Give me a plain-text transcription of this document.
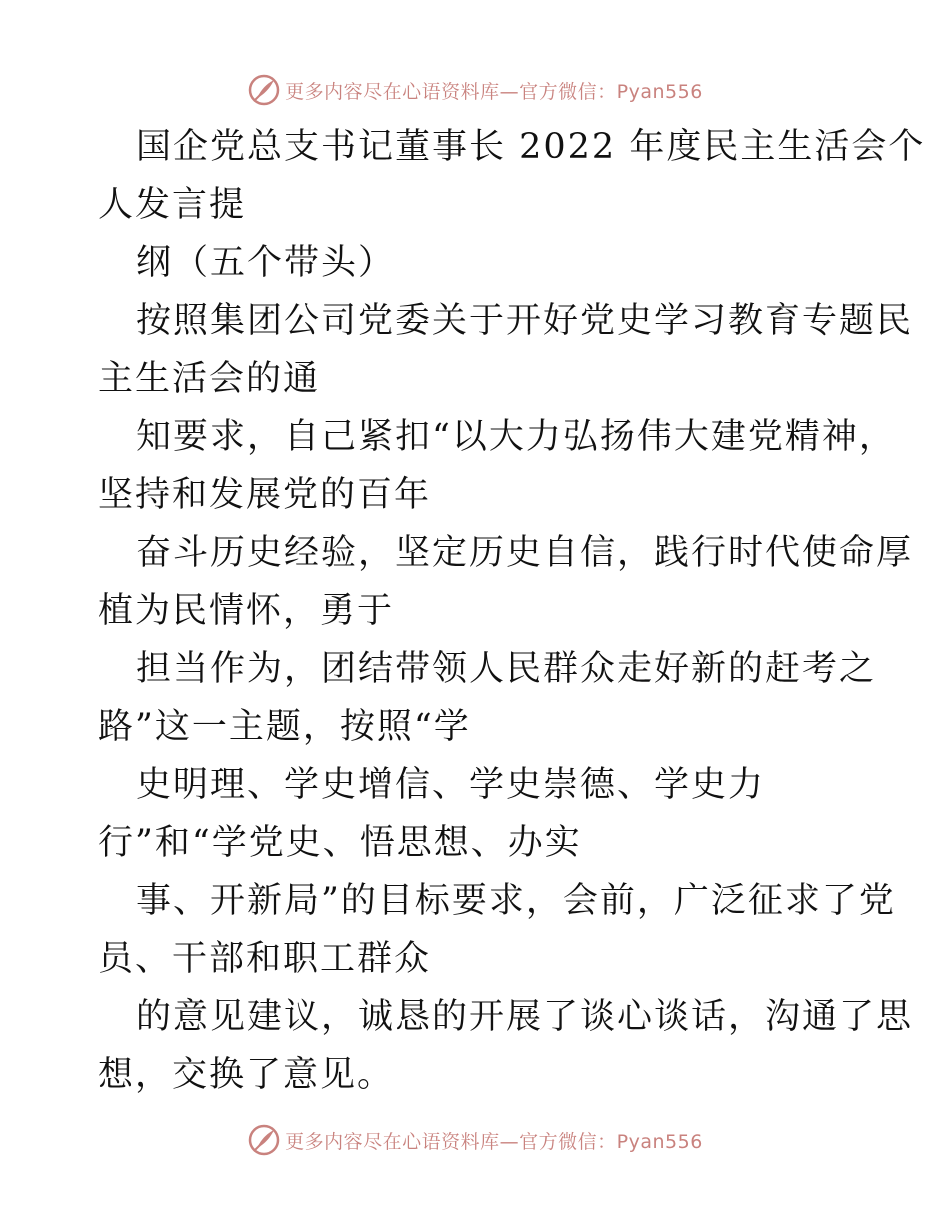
更多内容尽在心语资料库—官方微信：Pyan556

国企党总支书记董事长 2022 年度民主生活会个

人发言提

纲（五个带头）

按照集团公司党委关于开好党史学习教育专题民

主生活会的通

知要求，自己紧扣“以大力弘扬伟大建党精神，

坚持和发展党的百年

奋斗历史经验，坚定历史自信，践行时代使命厚

植为民情怀，勇于

担当作为，团结带领人民群众走好新的赶考之

路”这一主题，按照“学

史明理、学史增信、学史崇德、学史力

行”和“学党史、悟思想、办实

事、开新局”的目标要求，会前，广泛征求了党

员、干部和职工群众

的意见建议，诚恳的开展了谈心谈话，沟通了思

想，交换了意见。

更多内容尽在心语资料库—官方微信：Pyan556
